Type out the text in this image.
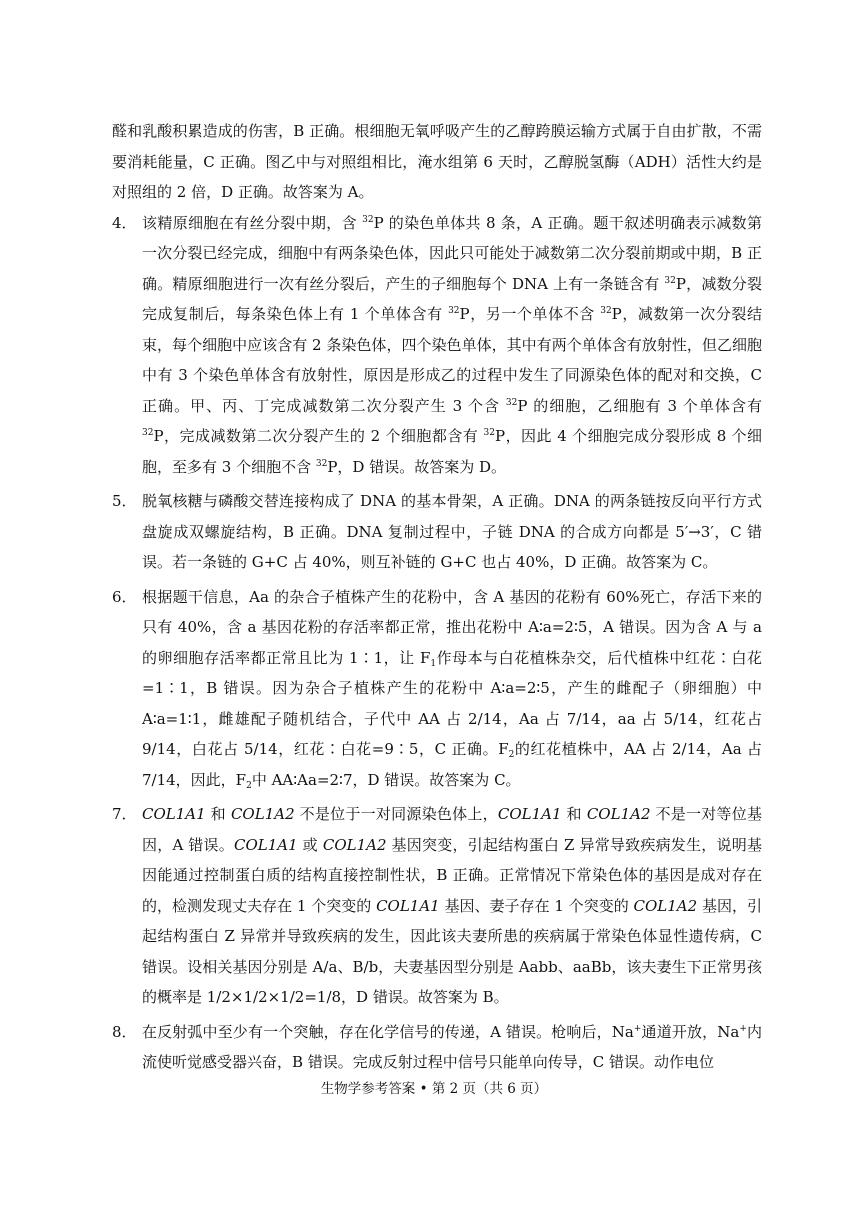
醛和乳酸积累造成的伤害，B 正确。根细胞无氧呼吸产生的乙醇跨膜运输方式属于自由扩散，不需要消耗能量，C 正确。图乙中与对照组相比，淹水组第 6 天时，乙醇脱氢酶（ADH）活性大约是对照组的 2 倍，D 正确。故答案为 A。

4． 该精原细胞在有丝分裂中期，含 $^{32}$P 的染色单体共 8 条，A 正确。题干叙述明确表示减数第一次分裂已经完成，细胞中有两条染色体，因此只可能处于减数第二次分裂前期或中期，B 正确。精原细胞进行一次有丝分裂后，产生的子细胞每个 DNA 上有一条链含有 $^{32}$P，减数分裂完成复制后，每条染色体上有 1 个单体含有 $^{32}$P，另一个单体不含 $^{32}$P，减数第一次分裂结束，每个细胞中应该含有 2 条染色体，四个染色单体，其中有两个单体含有放射性，但乙细胞中有 3 个染色单体含有放射性，原因是形成乙的过程中发生了同源染色体的配对和交换，C 正确。甲、丙、丁完成减数第二次分裂产生 3 个含 $^{32}$P 的细胞，乙细胞有 3 个单体含有 $^{32}$P，完成减数第二次分裂产生的 2 个细胞都含有 $^{32}$P，因此 4 个细胞完成分裂形成 8 个细胞，至多有 3 个细胞不含 $^{32}$P，D 错误。故答案为 D。
5． 脱氧核糖与磷酸交替连接构成了 DNA 的基本骨架，A 正确。DNA 的两条链按反向平行方式盘旋成双螺旋结构，B 正确。DNA 复制过程中，子链 DNA 的合成方向都是 5′→3′，C 错误。若一条链的 G+C 占 40%，则互补链的 G+C 也占 40%，D 正确。故答案为 C。
6． 根据题干信息，Aa 的杂合子植株产生的花粉中，含 A 基因的花粉有 60%死亡，存活下来的只有 40%，含 a 基因花粉的存活率都正常，推出花粉中 A∶a=2∶5，A 错误。因为含 A 与 a 的卵细胞存活率都正常且比为 1∶1，让 $F_1$作母本与白花植株杂交，后代植株中红花∶白花=1∶1，B 错误。因为杂合子植株产生的花粉中 A∶a=2∶5，产生的雌配子（卵细胞）中 A∶a=1∶1，雌雄配子随机结合，子代中 AA 占 2/14，Aa 占 7/14，aa 占 5/14，红花占 9/14，白花占 5/14，红花∶白花=9∶5，C 正确。$F_2$的红花植株中，AA 占 2/14，Aa 占 7/14，因此，$F_2$中 AA∶Aa=2∶7，D 错误。故答案为 C。
7． COL1A1 和 COL1A2 不是位于一对同源染色体上，COL1A1 和 COL1A2 不是一对等位基因，A 错误。COL1A1 或 COL1A2 基因突变，引起结构蛋白 Z 异常导致疾病发生，说明基因能通过控制蛋白质的结构直接控制性状，B 正确。正常情况下常染色体的基因是成对存在的，检测发现丈夫存在 1 个突变的 COL1A1 基因、妻子存在 1 个突变的 COL1A2 基因，引起结构蛋白 Z 异常并导致疾病的发生，因此该夫妻所患的疾病属于常染色体显性遗传病，C 错误。设相关基因分别是 A/a、B/b，夫妻基因型分别是 Aabb、aaBb，该夫妻生下正常男孩的概率是 1/2×1/2×1/2=1/8，D 错误。故答案为 B。
8． 在反射弧中至少有一个突触，存在化学信号的传递，A 错误。枪响后，Na+通道开放，Na+内流使听觉感受器兴奋，B 错误。完成反射过程中信号只能单向传导，C 错误。动作电位
生物学参考答案 • 第 2 页（共 6 页）
